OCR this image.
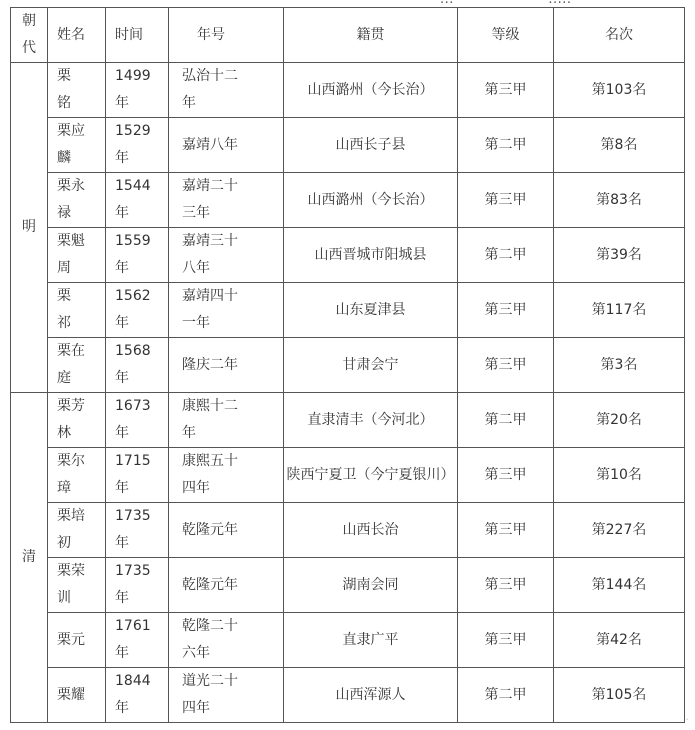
···　　　　　　　·····
朝代	姓名	时间	年号	籍贯	等级	名次
明	栗 铭	1499年	弘治十二年	山西潞州（今长治）	第三甲	第103名

	栗应麟	1529年	嘉靖八年	山西长子县	第二甲	第8名

	栗永禄	1544年	嘉靖二十三年	山西潞州（今长治）	第三甲	第83名

	栗魁周	1559年	嘉靖三十八年	山西晋城市阳城县	第二甲	第39名

	栗 祁	1562年	嘉靖四十一年	山东夏津县	第三甲	第117名

	栗在庭	1568年	隆庆二年	甘肃会宁	第三甲	第3名
清	栗芳林	1673年	康熙十二年	直隶清丰（今河北）	第二甲	第20名

	栗尔璋	1715年	康熙五十四年	陕西宁夏卫（今宁夏银川）	第三甲	第10名

	栗培初	1735年	乾隆元年	山西长治	第三甲	第227名

	栗荣训	1735年	乾隆元年	湖南会同	第三甲	第144名

	栗元	1761年	乾隆二十六年	直隶广平	第三甲	第42名

	栗耀	1844年	道光二十四年	山西浑源人	第二甲	第105名
·
